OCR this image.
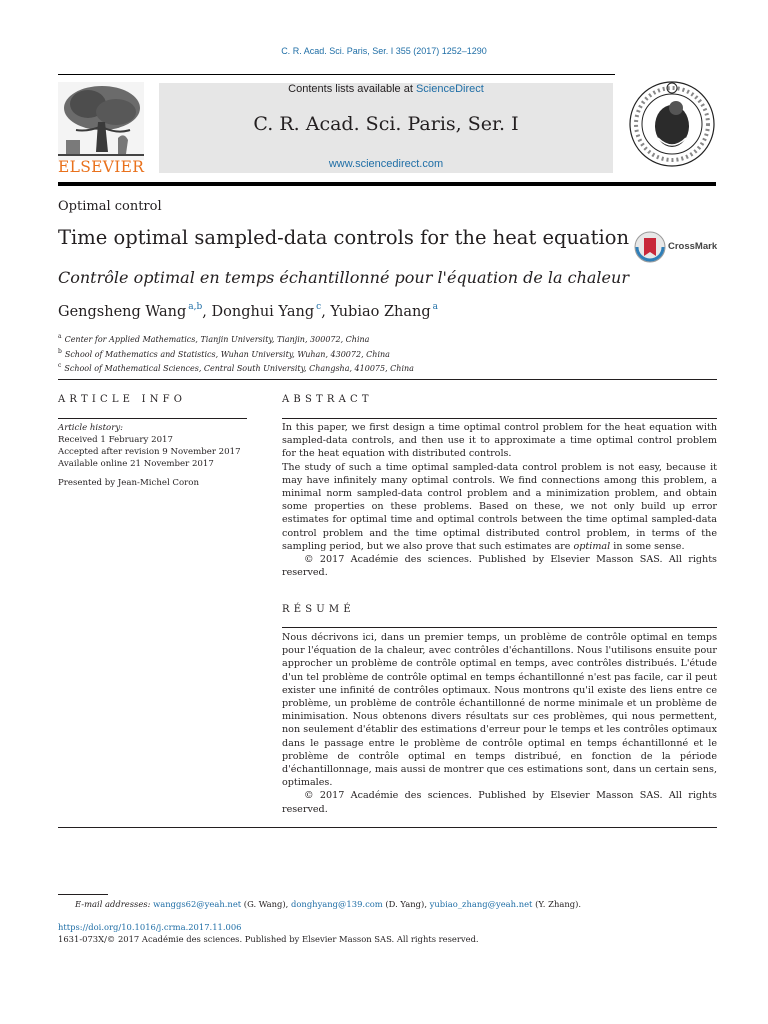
C. R. Acad. Sci. Paris, Ser. I 355 (2017) 1252–1290
ELSEVIER
Contents lists available at ScienceDirect
C. R. Acad. Sci. Paris, Ser. I
www.sciencedirect.com
Optimal control
Time optimal sampled-data controls for the heat equation	CrossMark
Contrôle optimal en temps échantillonné pour l'équation de la chaleur
Gengsheng Wang $^{a,b}$, Donghui Yang $^c$, Yubiao Zhang $^a$
$^a$ Center for Applied Mathematics, Tianjin University, Tianjin, 300072, China
$^b$ School of Mathematics and Statistics, Wuhan University, Wuhan, 430072, China
$^c$ School of Mathematical Sciences, Central South University, Changsha, 410075, China
ARTICLE INFO
Article history:
Received 1 February 2017
Accepted after revision 9 November 2017
Available online 21 November 2017
Presented by Jean-Michel Coron
ABSTRACT

In this paper, we first design a time optimal control problem for the heat equation with sampled-data controls, and then use it to approximate a time optimal control problem for the heat equation with distributed controls.

The study of such a time optimal sampled-data control problem is not easy, because it may have infinitely many optimal controls. We find connections among this problem, a minimal norm sampled-data control problem and a minimization problem, and obtain some properties on these problems. Based on these, we not only build up error estimates for optimal time and optimal controls between the time optimal sampled-data control problem and the time optimal distributed control problem, in terms of the sampling period, but we also prove that such estimates are optimal in some sense.

© 2017 Académie des sciences. Published by Elsevier Masson SAS. All rights reserved.

RÉSUMÉ

Nous décrivons ici, dans un premier temps, un problème de contrôle optimal en temps pour l'équation de la chaleur, avec contrôles d'échantillons. Nous l'utilisons ensuite pour approcher un problème de contrôle optimal en temps, avec contrôles distribués. L'étude d'un tel problème de contrôle optimal en temps échantillonné n'est pas facile, car il peut exister une infinité de contrôles optimaux. Nous montrons qu'il existe des liens entre ce problème, un problème de contrôle échantillonné de norme minimale et un problème de minimisation. Nous obtenons divers résultats sur ces problèmes, qui nous permettent, non seulement d'établir des estimations d'erreur pour le temps et les contrôles optimaux dans le passage entre le problème de contrôle optimal en temps échantillonné et le problème de contrôle optimal en temps distribué, en fonction de la période d'échantillonnage, mais aussi de montrer que ces estimations sont, dans un certain sens, optimales.

© 2017 Académie des sciences. Published by Elsevier Masson SAS. All rights reserved.

E-mail addresses: wanggs62@yeah.net (G. Wang), donghyang@139.com (D. Yang), yubiao_zhang@yeah.net (Y. Zhang).
https://doi.org/10.1016/j.crma.2017.11.006
1631-073X/© 2017 Académie des sciences. Published by Elsevier Masson SAS. All rights reserved.
